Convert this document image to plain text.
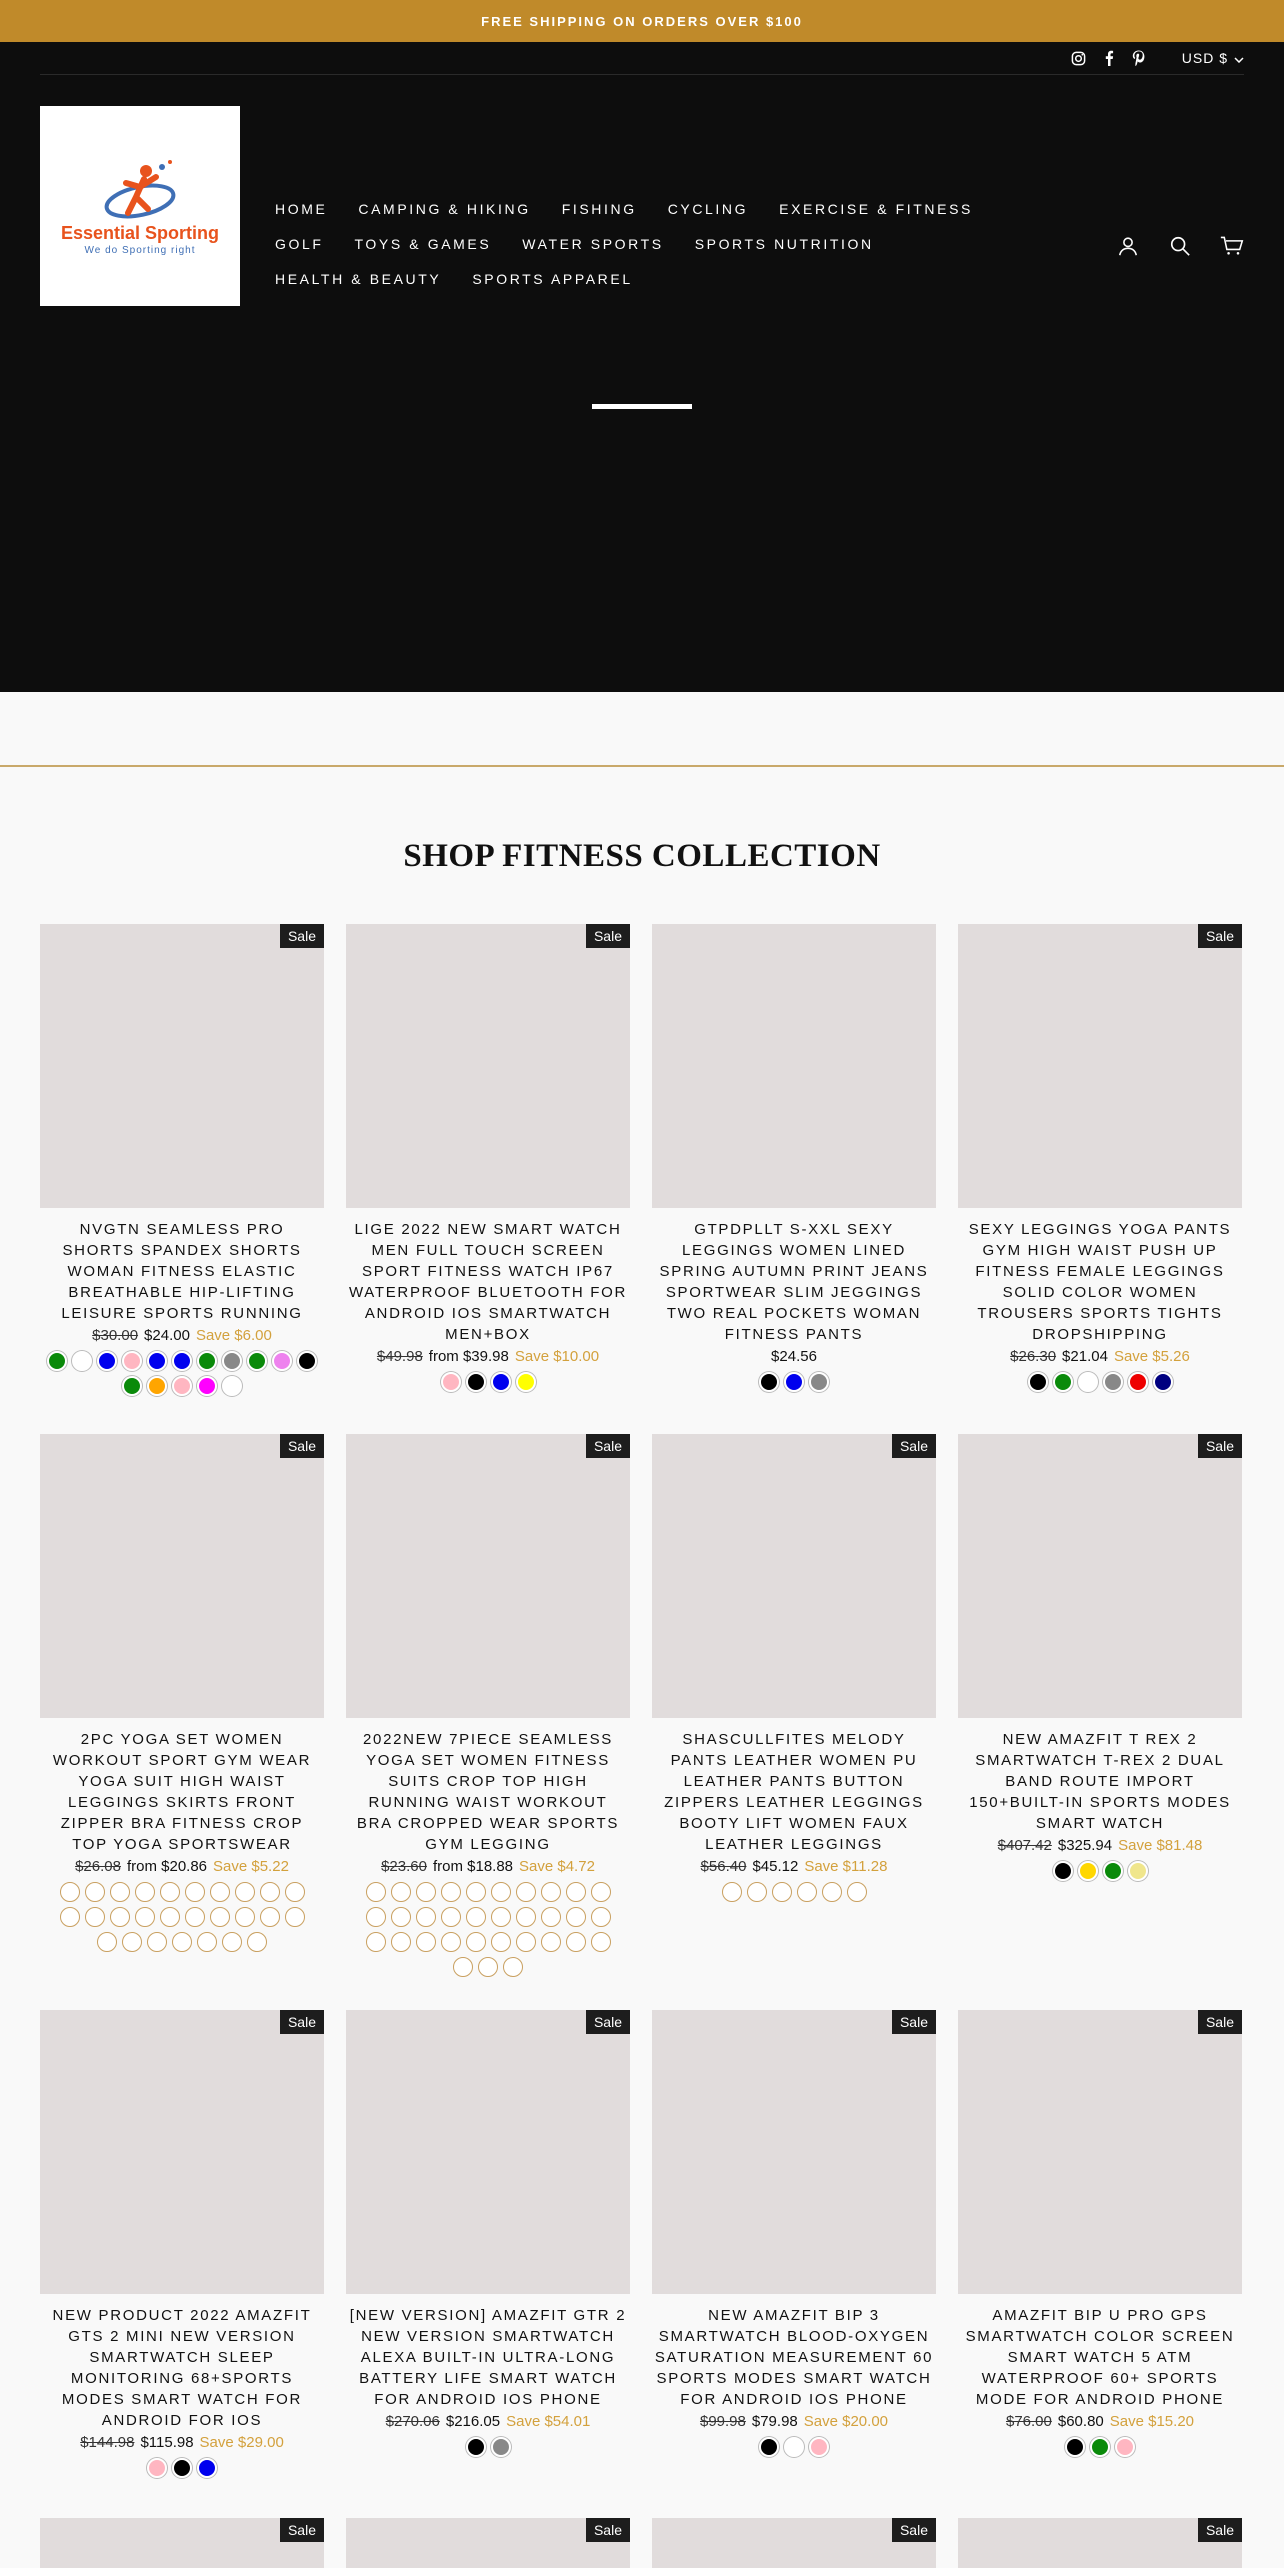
FREE SHIPPING ON ORDERS OVER $100
USD $
Essential Sporting
We do Sporting right
HOME CAMPING & HIKING FISHING CYCLING EXERCISE & FITNESS
GOLF TOYS & GAMES WATER SPORTS SPORTS NUTRITION
HEALTH & BEAUTY SPORTS APPAREL
SHOP FITNESS COLLECTION
Sale
NVGTN SEAMLESS PRO SHORTS SPANDEX SHORTS WOMAN FITNESS ELASTIC BREATHABLE HIP-LIFTING LEISURE SPORTS RUNNING
$30.00 $24.00 Save $6.00
Sale
LIGE 2022 NEW SMART WATCH MEN FULL TOUCH SCREEN SPORT FITNESS WATCH IP67 WATERPROOF BLUETOOTH FOR ANDROID IOS SMARTWATCH MEN+BOX
$49.98 from $39.98 Save $10.00
GTPDPLLT S-XXL SEXY LEGGINGS WOMEN LINED SPRING AUTUMN PRINT JEANS SPORTWEAR SLIM JEGGINGS TWO REAL POCKETS WOMAN FITNESS PANTS
$24.56
Sale
SEXY LEGGINGS YOGA PANTS GYM HIGH WAIST PUSH UP FITNESS FEMALE LEGGINGS SOLID COLOR WOMEN TROUSERS SPORTS TIGHTS DROPSHIPPING
$26.30 $21.04 Save $5.26
Sale
2PC YOGA SET WOMEN WORKOUT SPORT GYM WEAR YOGA SUIT HIGH WAIST LEGGINGS SKIRTS FRONT ZIPPER BRA FITNESS CROP TOP YOGA SPORTSWEAR
$26.08 from $20.86 Save $5.22
Sale
2022NEW 7PIECE SEAMLESS YOGA SET WOMEN FITNESS SUITS CROP TOP HIGH RUNNING WAIST WORKOUT BRA CROPPED WEAR SPORTS GYM LEGGING
$23.60 from $18.88 Save $4.72
Sale
SHASCULLFITES MELODY PANTS LEATHER WOMEN PU LEATHER PANTS BUTTON ZIPPERS LEATHER LEGGINGS BOOTY LIFT WOMEN FAUX LEATHER LEGGINGS
$56.40 $45.12 Save $11.28
Sale
NEW AMAZFIT T REX 2 SMARTWATCH T-REX 2 DUAL BAND ROUTE IMPORT 150+BUILT-IN SPORTS MODES SMART WATCH
$407.42 $325.94 Save $81.48
Sale
NEW PRODUCT 2022 AMAZFIT GTS 2 MINI NEW VERSION SMARTWATCH SLEEP MONITORING 68+SPORTS MODES SMART WATCH FOR ANDROID FOR IOS
$144.98 $115.98 Save $29.00
Sale
[NEW VERSION] AMAZFIT GTR 2 NEW VERSION SMARTWATCH ALEXA BUILT-IN ULTRA-LONG BATTERY LIFE SMART WATCH FOR ANDROID IOS PHONE
$270.06 $216.05 Save $54.01
Sale
NEW AMAZFIT BIP 3 SMARTWATCH BLOOD-OXYGEN SATURATION MEASUREMENT 60 SPORTS MODES SMART WATCH FOR ANDROID IOS PHONE
$99.98 $79.98 Save $20.00
Sale
AMAZFIT BIP U PRO GPS SMARTWATCH COLOR SCREEN SMART WATCH 5 ATM WATERPROOF 60+ SPORTS MODE FOR ANDROID PHONE
$76.00 $60.80 Save $15.20
Sale	Sale	Sale	Sale
